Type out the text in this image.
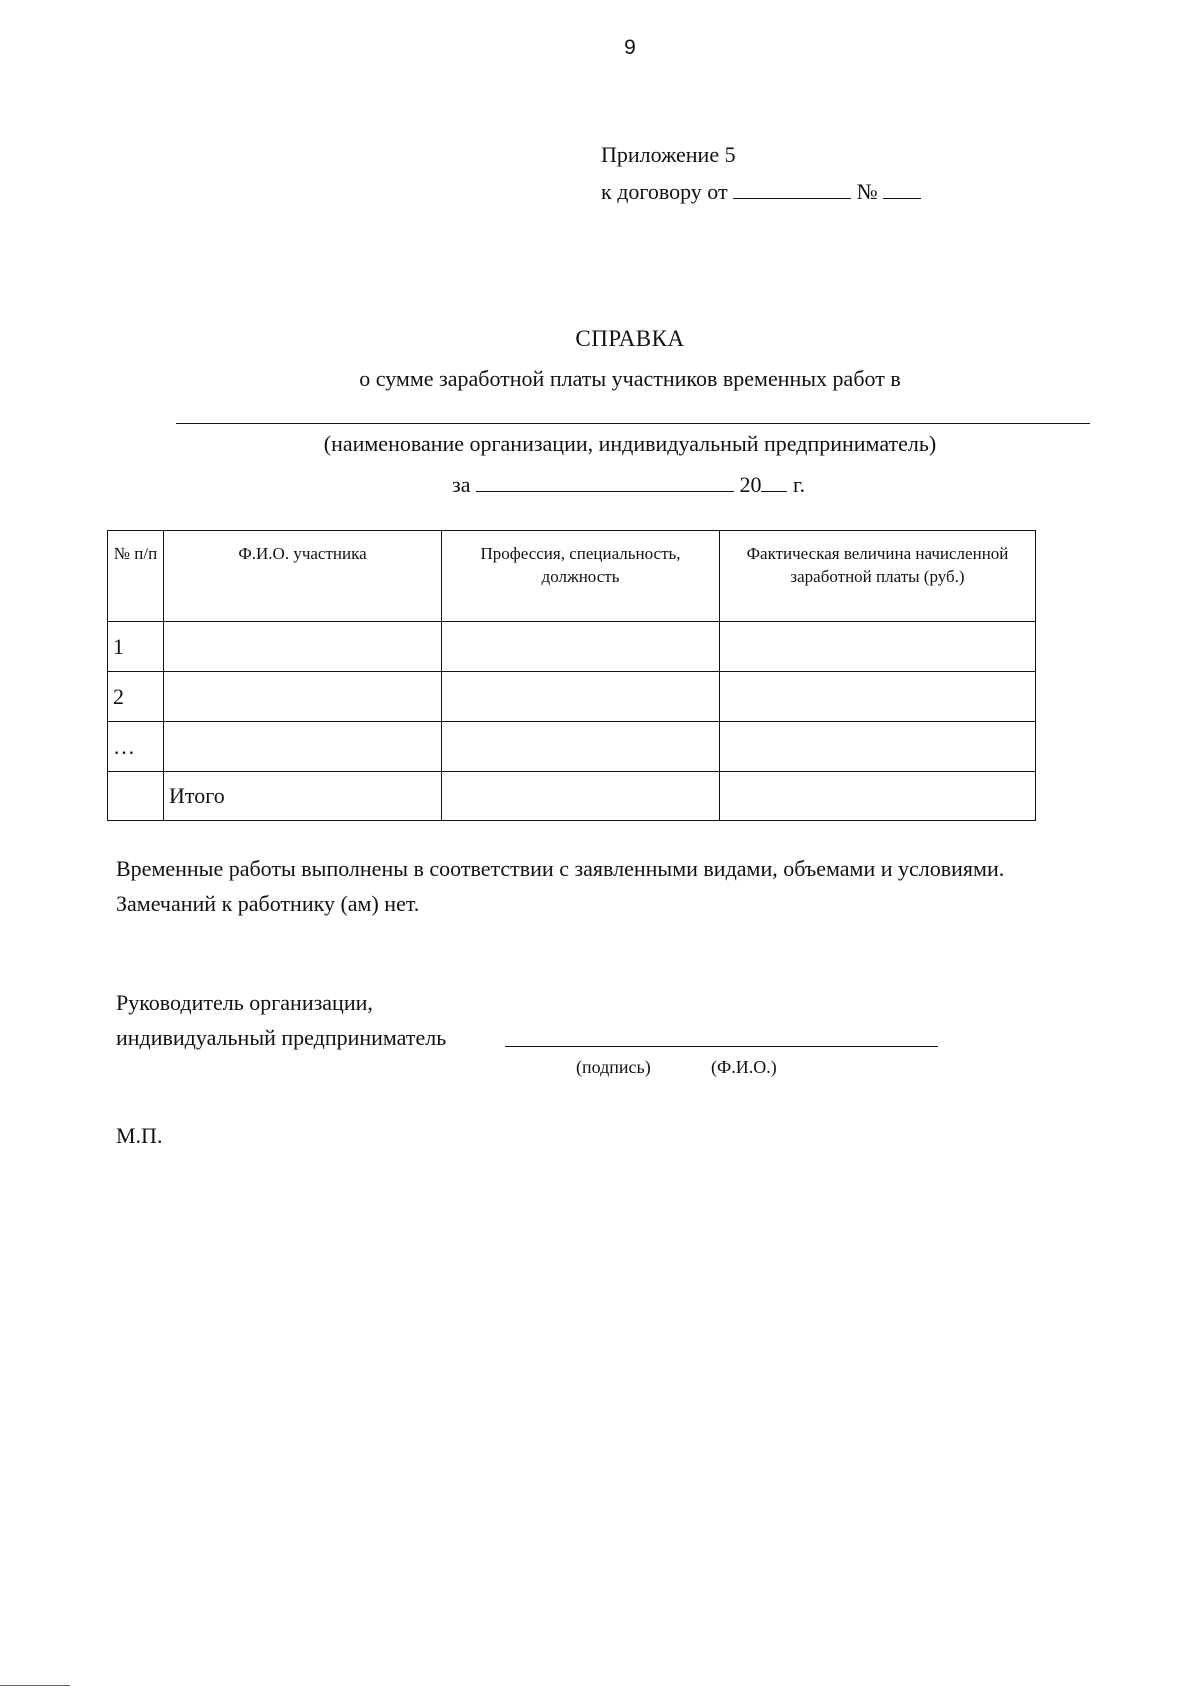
9
Приложение 5
к договору от	№
СПРАВКА
о сумме заработной платы участников временных работ в
(наименование организации, индивидуальный предприниматель)
за	20 г.
№ п/п	Ф.И.О. участника	Профессия, специальность, должность	Фактическая величина начисленной заработной платы (руб.)
1			
2			
…			
	Итого		
Временные работы выполнены в соответствии с заявленными видами, объемами и условиями. Замечаний к работнику (ам) нет.
Руководитель организации,
индивидуальный предприниматель
(подпись)	(Ф.И.О.)
М.П.
